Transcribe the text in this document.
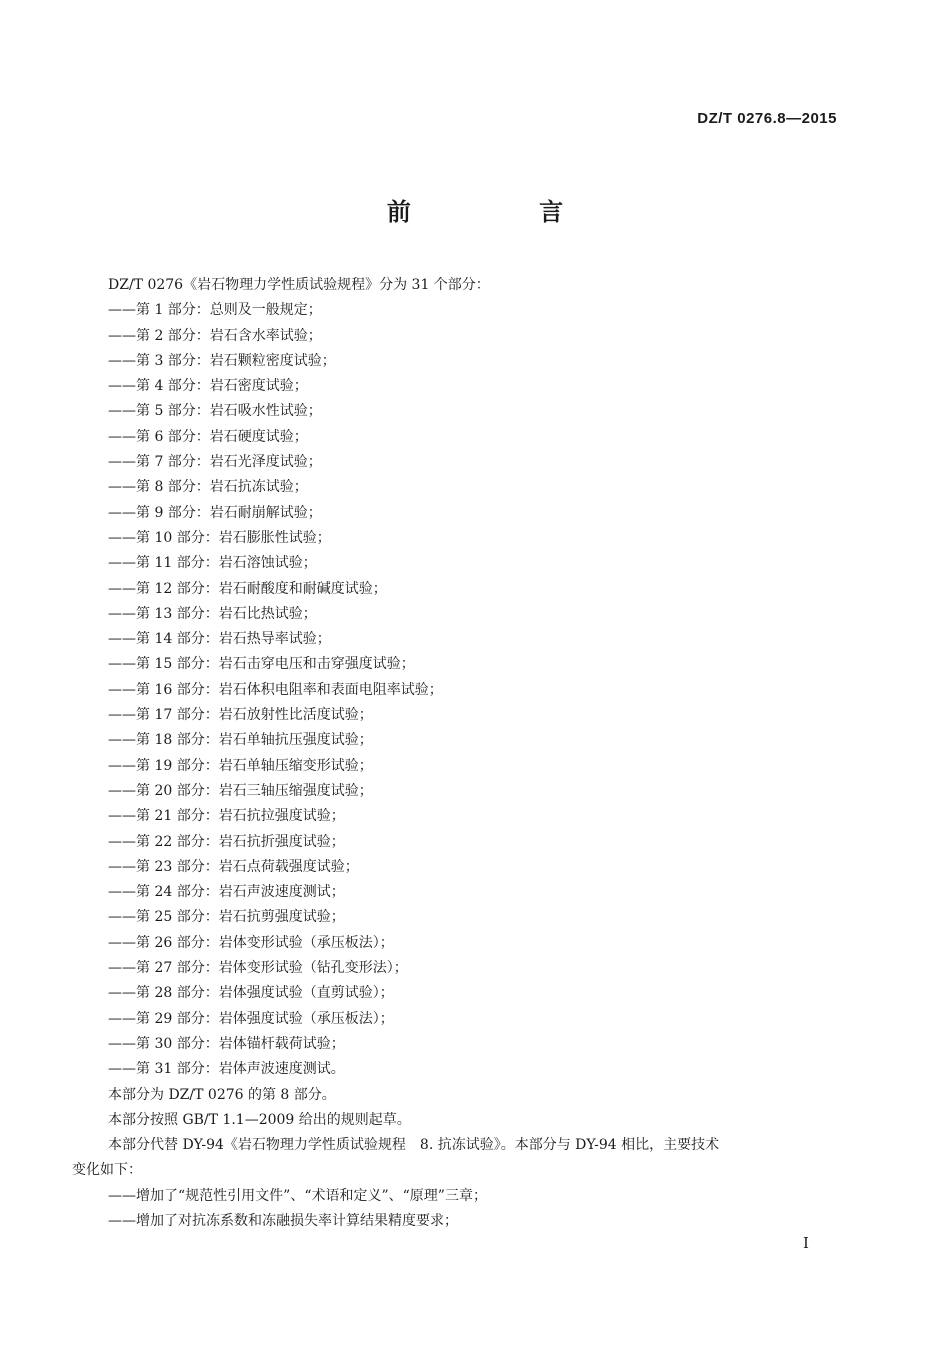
DZ/T 0276.8—2015
前 言
DZ/T 0276《岩石物理力学性质试验规程》分为 31 个部分：
——第 1 部分：总则及一般规定；
——第 2 部分：岩石含水率试验；
——第 3 部分：岩石颗粒密度试验；
——第 4 部分：岩石密度试验；
——第 5 部分：岩石吸水性试验；
——第 6 部分：岩石硬度试验；
——第 7 部分：岩石光泽度试验；
——第 8 部分：岩石抗冻试验；
——第 9 部分：岩石耐崩解试验；
——第 10 部分：岩石膨胀性试验；
——第 11 部分：岩石溶蚀试验；
——第 12 部分：岩石耐酸度和耐碱度试验；
——第 13 部分：岩石比热试验；
——第 14 部分：岩石热导率试验；
——第 15 部分：岩石击穿电压和击穿强度试验；
——第 16 部分：岩石体积电阻率和表面电阻率试验；
——第 17 部分：岩石放射性比活度试验；
——第 18 部分：岩石单轴抗压强度试验；
——第 19 部分：岩石单轴压缩变形试验；
——第 20 部分：岩石三轴压缩强度试验；
——第 21 部分：岩石抗拉强度试验；
——第 22 部分：岩石抗折强度试验；
——第 23 部分：岩石点荷载强度试验；
——第 24 部分：岩石声波速度测试；
——第 25 部分：岩石抗剪强度试验；
——第 26 部分：岩体变形试验（承压板法）；
——第 27 部分：岩体变形试验（钻孔变形法）；
——第 28 部分：岩体强度试验（直剪试验）；
——第 29 部分：岩体强度试验（承压板法）；
——第 30 部分：岩体锚杆载荷试验；
——第 31 部分：岩体声波速度测试。
本部分为 DZ/T 0276 的第 8 部分。
本部分按照 GB/T 1.1—2009 给出的规则起草。
本部分代替 DY-94《岩石物理力学性质试验规程　8. 抗冻试验》。本部分与 DY-94 相比，主要技术
变化如下：
——增加了“规范性引用文件”、“术语和定义”、“原理”三章；
——增加了对抗冻系数和冻融损失率计算结果精度要求；
I
